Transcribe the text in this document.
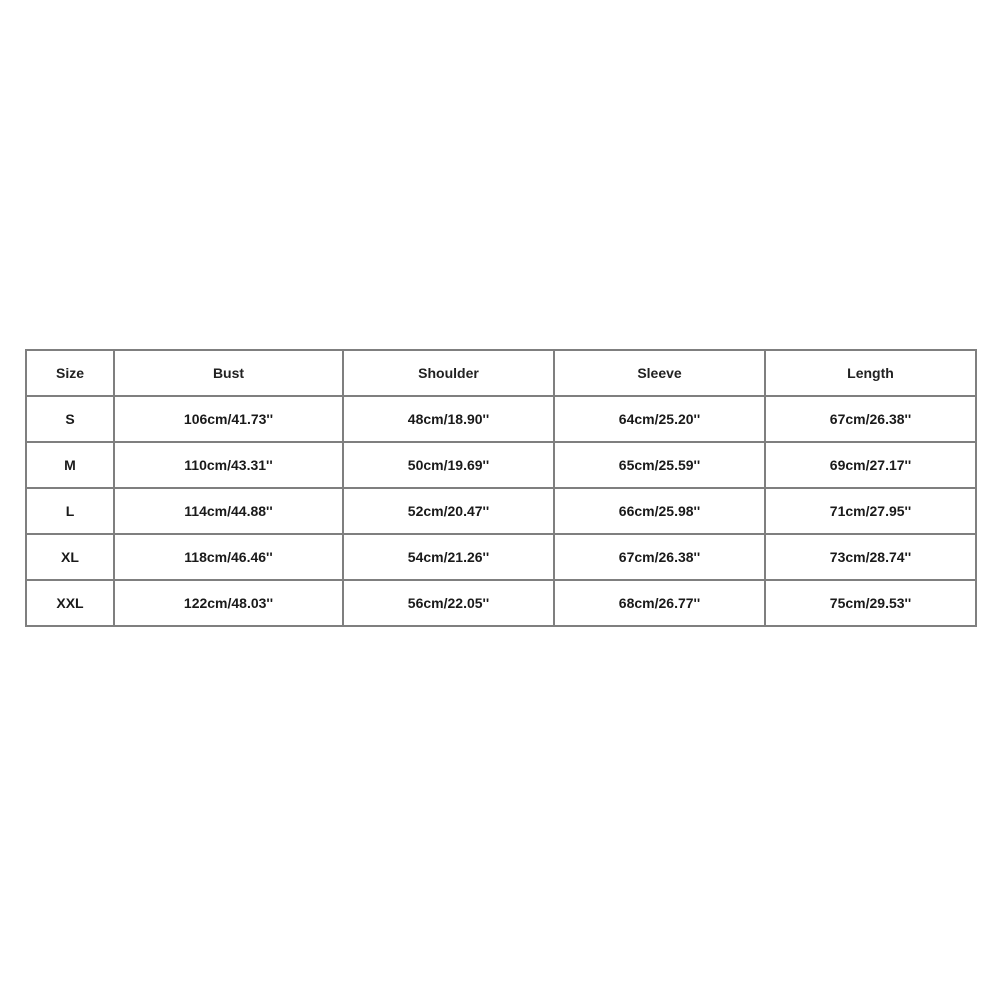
Size	Bust	Shoulder	Sleeve	Length
S	106cm/41.73''	48cm/18.90''	64cm/25.20''	67cm/26.38''
M	110cm/43.31''	50cm/19.69''	65cm/25.59''	69cm/27.17''
L	114cm/44.88''	52cm/20.47''	66cm/25.98''	71cm/27.95''
XL	118cm/46.46''	54cm/21.26''	67cm/26.38''	73cm/28.74''
XXL	122cm/48.03''	56cm/22.05''	68cm/26.77''	75cm/29.53''
